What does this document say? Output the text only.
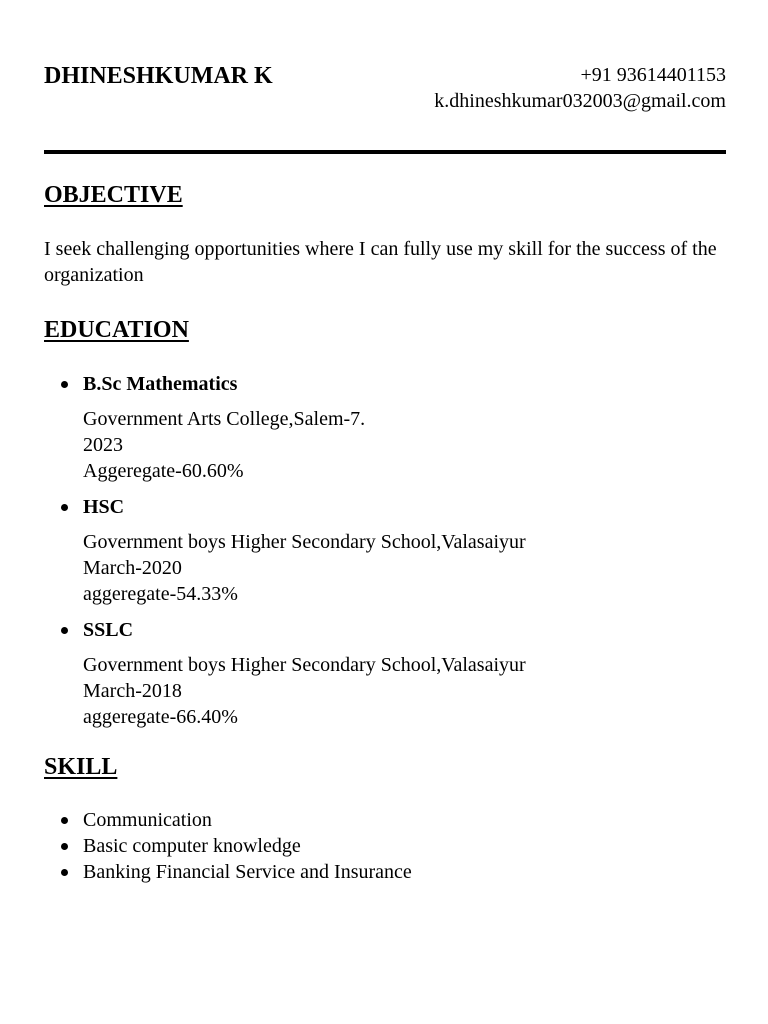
DHINESHKUMAR K	+91 93614401153
k.dhineshkumar032003@gmail.com
OBJECTIVE
I seek challenging opportunities where I can fully use my skill for the success of the organization
EDUCATION
B.Sc Mathematics
Government Arts College,Salem-7.
2023
Aggeregate-60.60%
HSC
Government boys Higher Secondary School,Valasaiyur
March-2020
aggeregate-54.33%
SSLC
Government boys Higher Secondary School,Valasaiyur
March-2018
aggeregate-66.40%
SKILL
Communication
Basic computer knowledge
Banking Financial Service and Insurance
